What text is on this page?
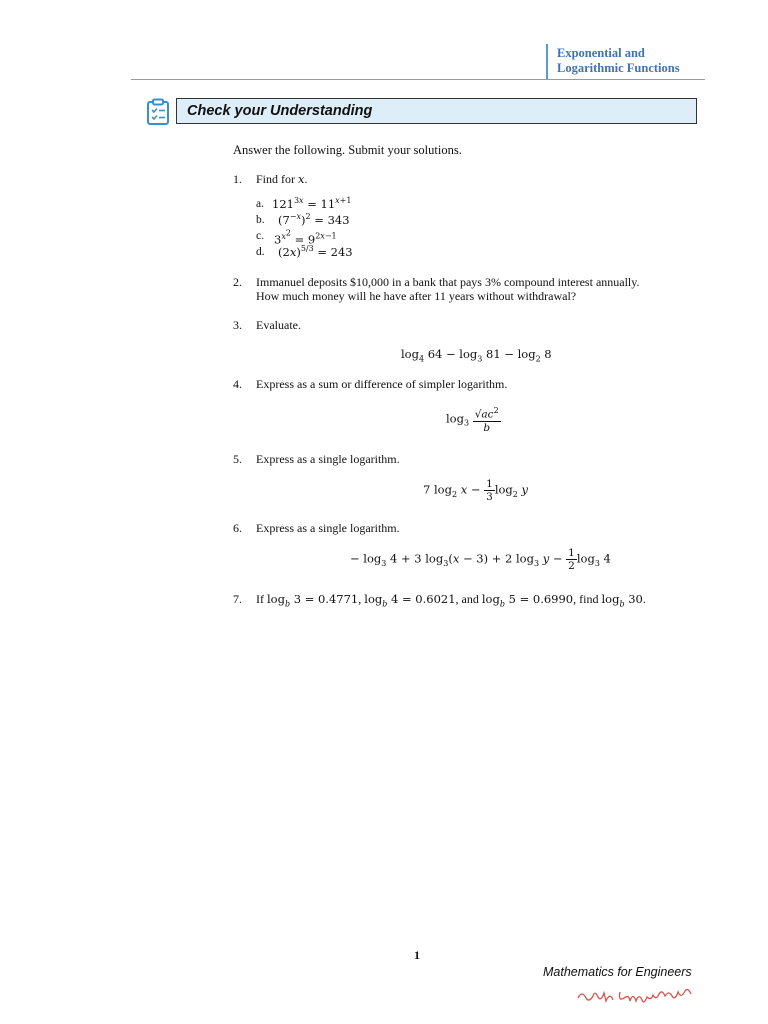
Exponential and
Logarithmic Functions
Check your Understanding
Answer the following. Submit your solutions.
1. Find for x.
a. $121^{3x} = 11^{x+1}$
b. $(7^{-x})^2 = 343$
c. $3^{x^2} = 9^{2x-1}$
d. $(2x)^{5/3} = 243$
2. Immanuel deposits $10,000 in a bank that pays 3% compound interest annually.
How much money will he have after 11 years without withdrawal?
3. Evaluate.
$\log_4 64 - \log_3 81 - \log_2 8$
4. Express as a sum or difference of simpler logarithm.
$\log_3 \frac{√ac^2}{b}$
5. Express as a single logarithm.
7 $\log_2 x - \frac{1}{3} \log_2 y$
6. Express as a single logarithm.
− $\log_3 4 + 3$ $\log_3(x - 3) + 2$ $\log_3 y - \frac{1}{2} \log_3 4$
7. If $\log_b 3 = 0.4771$, $\log_b 4 = 0.6021$, and $\log_b 5 = 0.6990$, find $\log_b 30$.
1
Mathematics for Engineers
